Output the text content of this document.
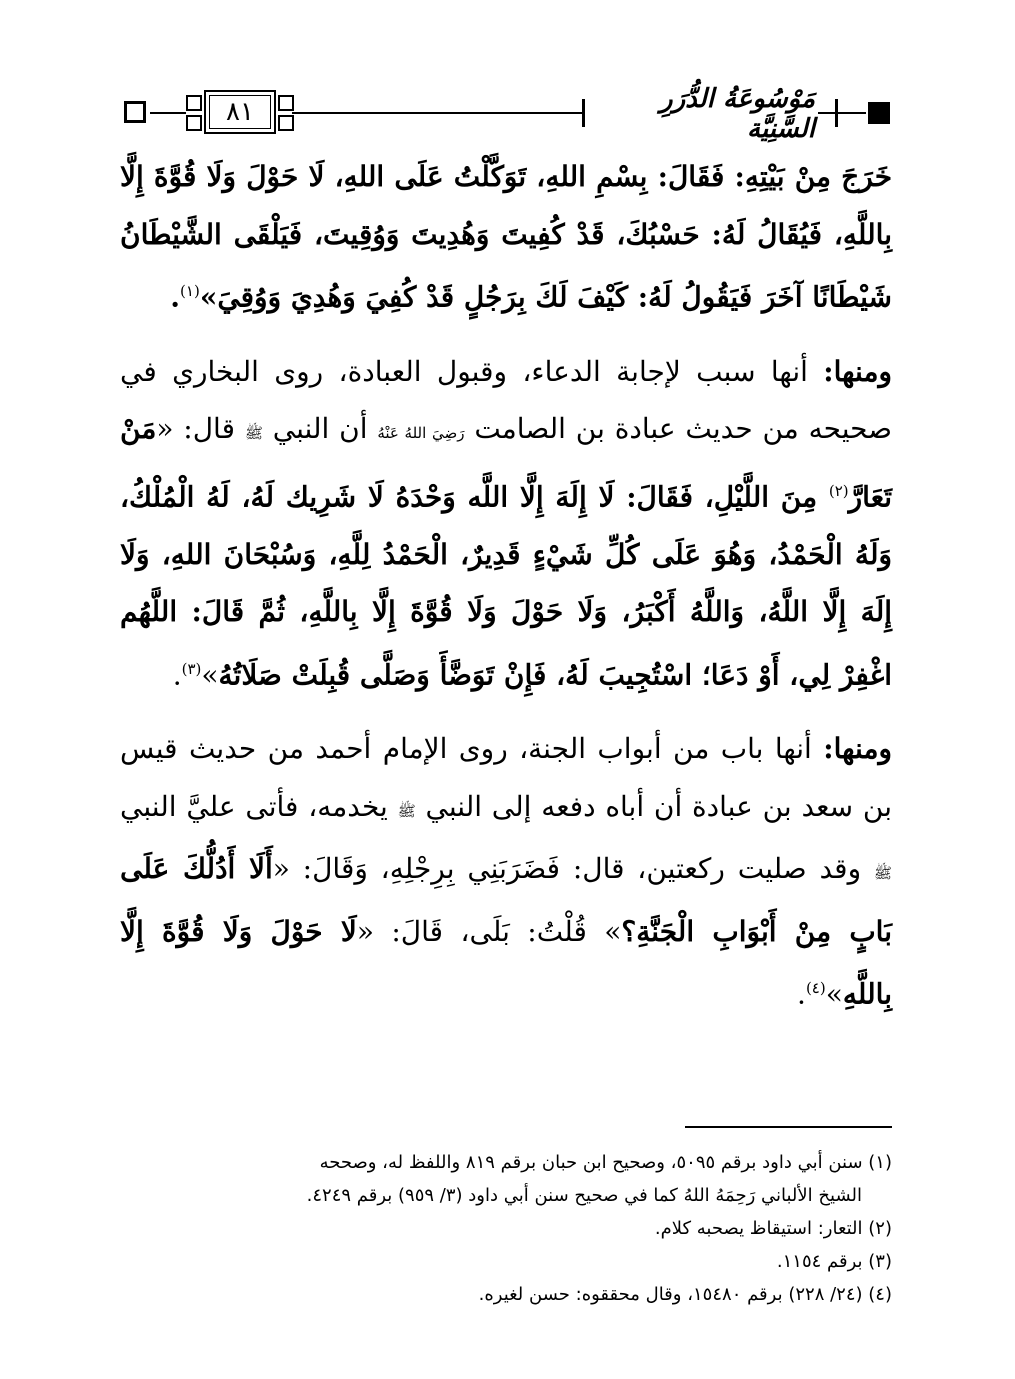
مَوْسُوعَةُ الدُّرَرِ السَّنِيَّة
٨١

خَرَجَ مِنْ بَيْتِهِ: فَقَالَ: بِسْمِ اللهِ، تَوَكَّلْتُ عَلَى اللهِ، لَا حَوْلَ وَلَا قُوَّةَ إِلَّا بِاللَّهِ، فَيُقَالُ لَهُ: حَسْبُكَ، قَدْ كُفِيتَ وَهُدِيتَ وَوُقِيتَ، فَيَلْقَى الشَّيْطَانُ شَيْطَانًا آخَرَ فَيَقُولُ لَهُ: كَيْفَ لَكَ بِرَجُلٍ قَدْ كُفِيَ وَهُدِيَ وَوُقِيَ»$^{(١)}$.

ومنها: أنها سبب لإجابة الدعاء، وقبول العبادة، روى البخاري في صحيحه من حديث عبادة بن الصامت رَضِيَ اللهُ عَنْهُ أن النبي ﷺ قال: «مَنْ تَعَارَّ$^{(٢)}$ مِنَ اللَّيْلِ، فَقَالَ: لَا إِلَهَ إِلَّا اللَّه وَحْدَهُ لَا شَرِيك لَهُ، لَهُ الْمُلْكُ، وَلَهُ الْحَمْدُ، وَهُوَ عَلَى كُلِّ شَيْءٍ قَدِيرٌ، الْحَمْدُ لِلَّهِ، وَسُبْحَانَ اللهِ، وَلَا إِلَهَ إِلَّا اللَّهُ، وَاللَّهُ أَكْبَرُ، وَلَا حَوْلَ وَلَا قُوَّةَ إِلَّا بِاللَّهِ، ثُمَّ قَالَ: اللَّهُم اغْفِرْ لِي، أَوْ دَعَا؛ اسْتُجِيبَ لَهُ، فَإِنْ تَوَضَّأَ وَصَلَّى قُبِلَتْ صَلَاتُهُ»$^{(٣)}$.

ومنها: أنها باب من أبواب الجنة، روى الإمام أحمد من حديث قيس بن سعد بن عبادة أن أباه دفعه إلى النبي ﷺ يخدمه، فأتى عليَّ النبي ﷺ وقد صليت ركعتين، قال: فَضَرَبَنِي بِرِجْلِهِ، وَقَالَ: «أَلَا أَدُلُّكَ عَلَى بَابٍ مِنْ أَبْوَابِ الْجَنَّةِ؟» قُلْتُ: بَلَى، قَالَ: «لَا حَوْلَ وَلَا قُوَّةَ إِلَّا بِاللَّهِ»$^{(٤)}$.

(١) سنن أبي داود برقم ٥٠٩٥، وصحيح ابن حبان برقم ٨١٩ واللفظ له، وصححه

الشيخ الألباني رَحِمَهُ اللهُ كما في صحيح سنن أبي داود (٣/ ٩٥٩) برقم ٤٢٤٩.

(٢) التعار: استيقاظ يصحبه كلام.

(٣) برقم ١١٥٤.

(٤) (٢٤/ ٢٢٨) برقم ١٥٤٨٠، وقال محققوه: حسن لغيره.
